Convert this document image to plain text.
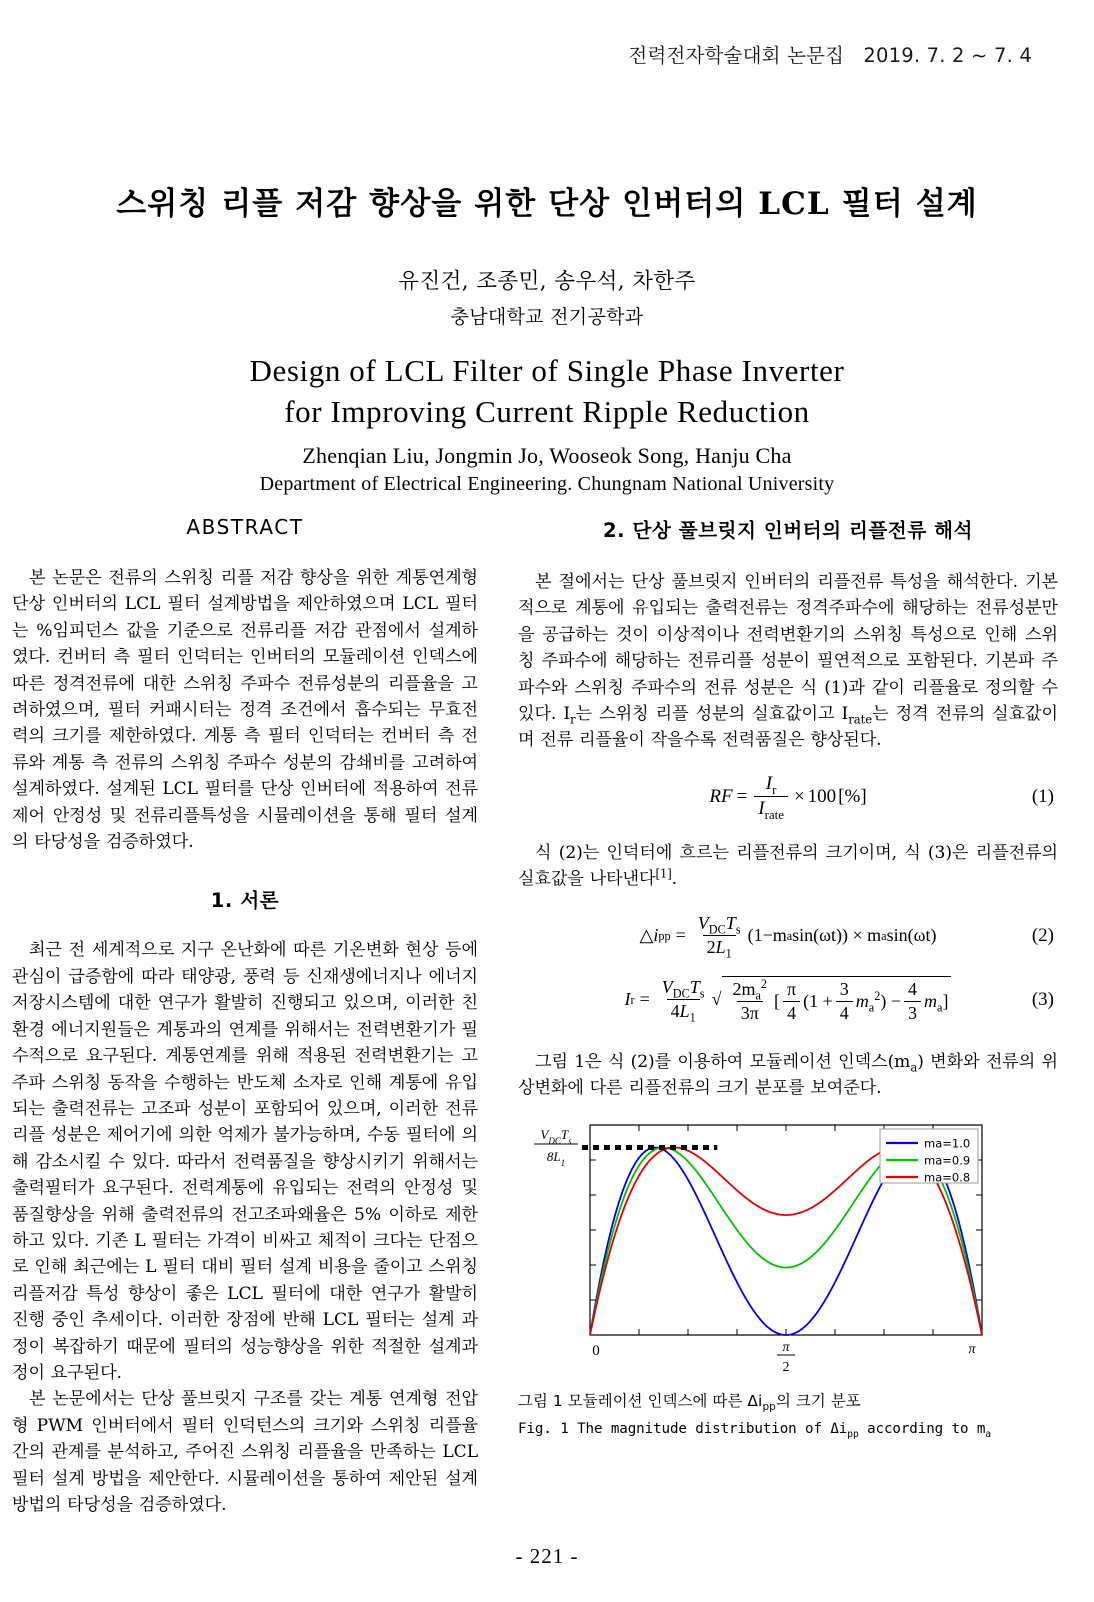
전력전자학술대회 논문집   2019. 7. 2 ~ 7. 4
스위칭 리플 저감 향상을 위한 단상 인버터의 LCL 필터 설계
유진건, 조종민, 송우석, 차한주
충남대학교 전기공학과
Design of LCL Filter of Single Phase Inverter
for Improving Current Ripple Reduction
Zhenqian Liu, Jongmin Jo, Wooseok Song, Hanju Cha
Department of Electrical Engineering. Chungnam National University
ABSTRACT

본 논문은 전류의 스위칭 리플 저감 향상을 위한 계통연계형 단상 인버터의 LCL 필터 설계방법을 제안하였으며 LCL 필터는 %임피던스 값을 기준으로 전류리플 저감 관점에서 설계하였다. 컨버터 측 필터 인덕터는 인버터의 모듈레이션 인덱스에 따른 정격전류에 대한 스위칭 주파수 전류성분의 리플율을 고려하였으며, 필터 커패시터는 정격 조건에서 흡수되는 무효전력의 크기를 제한하였다. 계통 측 필터 인덕터는 컨버터 측 전류와 계통 측 전류의 스위칭 주파수 성분의 감쇄비를 고려하여 설계하였다. 설계된 LCL 필터를 단상 인버터에 적용하여 전류제어 안정성 및 전류리플특성을 시뮬레이션을 통해 필터 설계의 타당성을 검증하였다.

1. 서론

최근 전 세계적으로 지구 온난화에 따른 기온변화 현상 등에 관심이 급증함에 따라 태양광, 풍력 등 신재생에너지나 에너지저장시스템에 대한 연구가 활발히 진행되고 있으며, 이러한 친환경 에너지원들은 계통과의 연계를 위해서는 전력변환기가 필수적으로 요구된다. 계통연계를 위해 적용된 전력변환기는 고주파 스위칭 동작을 수행하는 반도체 소자로 인해 계통에 유입되는 출력전류는 고조파 성분이 포함되어 있으며, 이러한 전류리플 성분은 제어기에 의한 억제가 불가능하며, 수동 필터에 의해 감소시킬 수 있다. 따라서 전력품질을 향상시키기 위해서는 출력필터가 요구된다. 전력계통에 유입되는 전력의 안정성 및 품질향상을 위해 출력전류의 전고조파왜율은 5% 이하로 제한하고 있다. 기존 L 필터는 가격이 비싸고 체적이 크다는 단점으로 인해 최근에는 L 필터 대비 필터 설계 비용을 줄이고 스위칭 리플저감 특성 향상이 좋은 LCL 필터에 대한 연구가 활발히 진행 중인 추세이다. 이러한 장점에 반해 LCL 필터는 설계 과정이 복잡하기 때문에 필터의 성능향상을 위한 적절한 설계과정이 요구된다.

본 논문에서는 단상 풀브릿지 구조를 갖는 계통 연계형 전압형 PWM 인버터에서 필터 인덕턴스의 크기와 스위칭 리플율 간의 관계를 분석하고, 주어진 스위칭 리플율을 만족하는 LCL 필터 설계 방법을 제안한다. 시뮬레이션을 통하여 제안된 설계 방법의 타당성을 검증하였다.

2. 단상 풀브릿지 인버터의 리플전류 해석

본 절에서는 단상 풀브릿지 인버터의 리플전류 특성을 해석한다. 기본적으로 계통에 유입되는 출력전류는 정격주파수에 해당하는 전류성분만을 공급하는 것이 이상적이나 전력변환기의 스위칭 특성으로 인해 스위칭 주파수에 해당하는 전류리플 성분이 필연적으로 포함된다. 기본파 주파수와 스위칭 주파수의 전류 성분은 식 (1)과 같이 리플율로 정의할 수 있다. $I_r$는 스위칭 리플 성분의 실효값이고 $I_{rate}$는 정격 전류의 실효값이며 전류 리플율이 작을수록 전력품질은 향상된다.

RF = $\frac{I_r}{I_{rate}} \times 100$ [%]	(1)

식 (2)는 인덕터에 흐르는 리플전류의 크기이며, 식 (3)은 리플전류의 실효값을 나타낸다[1].

△ i pp = $\frac{V_{DC}T_s}{2L_1} (1-m$ a sin(ωt)) × m a sin(ωt)	(2)
I $r = \frac{V_{DC}T_s}{4L_1}$ √ $\frac{2m_a^2}{3\pi}$ [ $\frac{\pi}{4} (1 + \frac{3}{4} m_a^2$ ) − $\frac{4}{3} m_a$ ]	(3)

그림 1은 식 (2)를 이용하여 모듈레이션 인덱스$(m_a)$ 변화와 전류의 위상변화에 다른 리플전류의 크기 분포를 보여준다.

ma=1.0
ma=0.9
ma=0.8
$V_{DC}T_s$
$8L_1$
0	π
2
π
그림 1 모듈레이션 인덱스에 따른 $\Delta i_{pp}$의 크기 분포
Fig. 1 The magnitude distribution of $\Delta i_{pp}$ according to $m_a$
- 221 -
